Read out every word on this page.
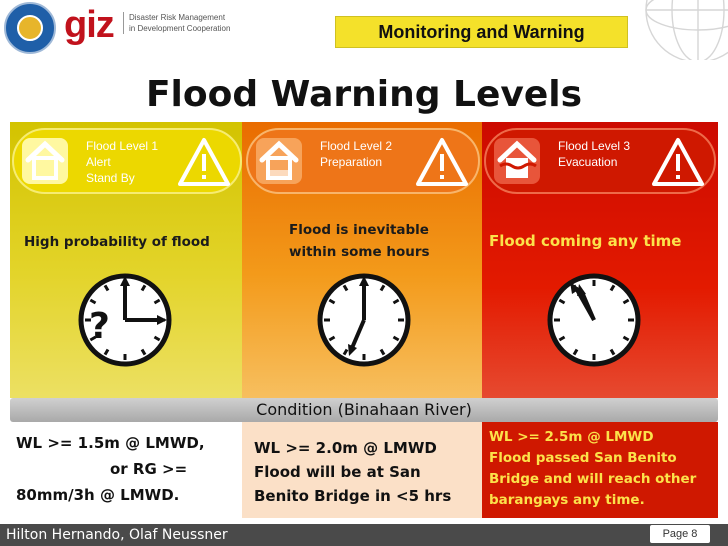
giz Disaster Risk Management
in Development Cooperation	Monitoring and Warning
Flood Warning Levels
Flood Level 1
Alert
Stand By
Flood Level 2
Preparation
Flood Level 3
Evacuation
High probability of flood
Flood is inevitable
within some hours
Flood coming any time
?
Condition (Binahaan River)
WL >= 1.5m @ LMWD,
or RG >=
80mm/3h @ LMWD.
WL >= 2.0m @ LMWD
Flood will be at San
Benito Bridge in <5 hrs
WL >= 2.5m @ LMWD
Flood passed San Benito
Bridge and will reach other
barangays any time.
Hilton Hernando, Olaf Neussner	Page 8
